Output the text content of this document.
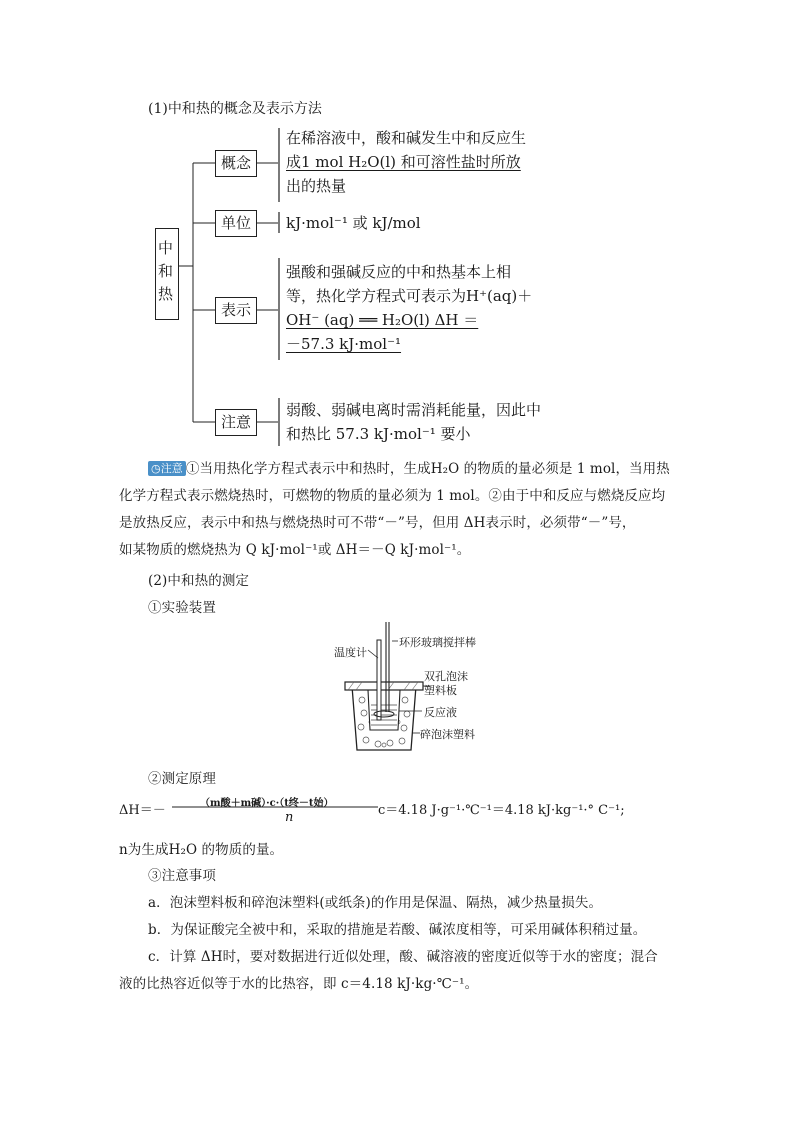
(1)中和热的概念及表示方法
中和热
概念
单位
表示
注意
在稀溶液中，酸和碱发生中和反应生
成1 mol H₂O(l) 和可溶性盐时所放
出的热量
kJ·mol⁻¹ 或 kJ/mol
强酸和强碱反应的中和热基本上相
等，热化学方程式可表示为H⁺(aq)＋
OH⁻ (aq) ══ H₂O(l) ΔH ＝
－57.3 kJ·mol⁻¹
弱酸、弱碱电离时需消耗能量，因此中
和热比 57.3 kJ·mol⁻¹ 要小
◷注意 ①当用热化学方程式表示中和热时，生成H₂O 的物质的量必须是 1 mol，当用热
化学方程式表示燃烧热时，可燃物的物质的量必须为 1 mol。②由于中和反应与燃烧反应均
是放热反应，表示中和热与燃烧热时可不带“－”号，但用 ΔH表示时，必须带“－”号，
如某物质的燃烧热为 Q kJ·mol⁻¹或 ΔH＝－Q kJ·mol⁻¹。
(2)中和热的测定
①实验装置
环形玻璃搅拌棒
温度计
双孔泡沫
塑料板
反应液
碎泡沫塑料
②测定原理
ΔH＝－	（m酸＋m碱）·c·（t终－t始）
n	c＝4.18 J·g⁻¹·℃⁻¹＝4.18 kJ·kg⁻¹·° C⁻¹;
n为生成H₂O 的物质的量。
③注意事项
a．泡沫塑料板和碎泡沫塑料(或纸条)的作用是保温、隔热，减少热量损失。
b．为保证酸完全被中和，采取的措施是若酸、碱浓度相等，可采用碱体积稍过量。
c．计算 ΔH时，要对数据进行近似处理，酸、碱溶液的密度近似等于水的密度；混合
液的比热容近似等于水的比热容，即 c＝4.18 kJ·kg·℃⁻¹。
